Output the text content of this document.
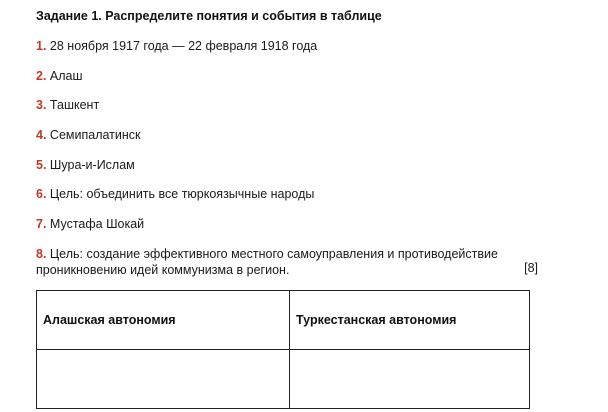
Задание 1. Распределите понятия и события в таблице
1. 28 ноября 1917 года — 22 февраля 1918 года
2. Алаш
3. Ташкент
4. Семипалатинск
5. Шура-и-Ислам
6. Цель: объединить все тюркоязычные народы
7. Мустафа Шокай
8. Цель: создание эффективного местного самоуправления и противодействие
проникновению идей коммунизма в регион.	[8]
Алашская автономия	Туркестанская автономия
